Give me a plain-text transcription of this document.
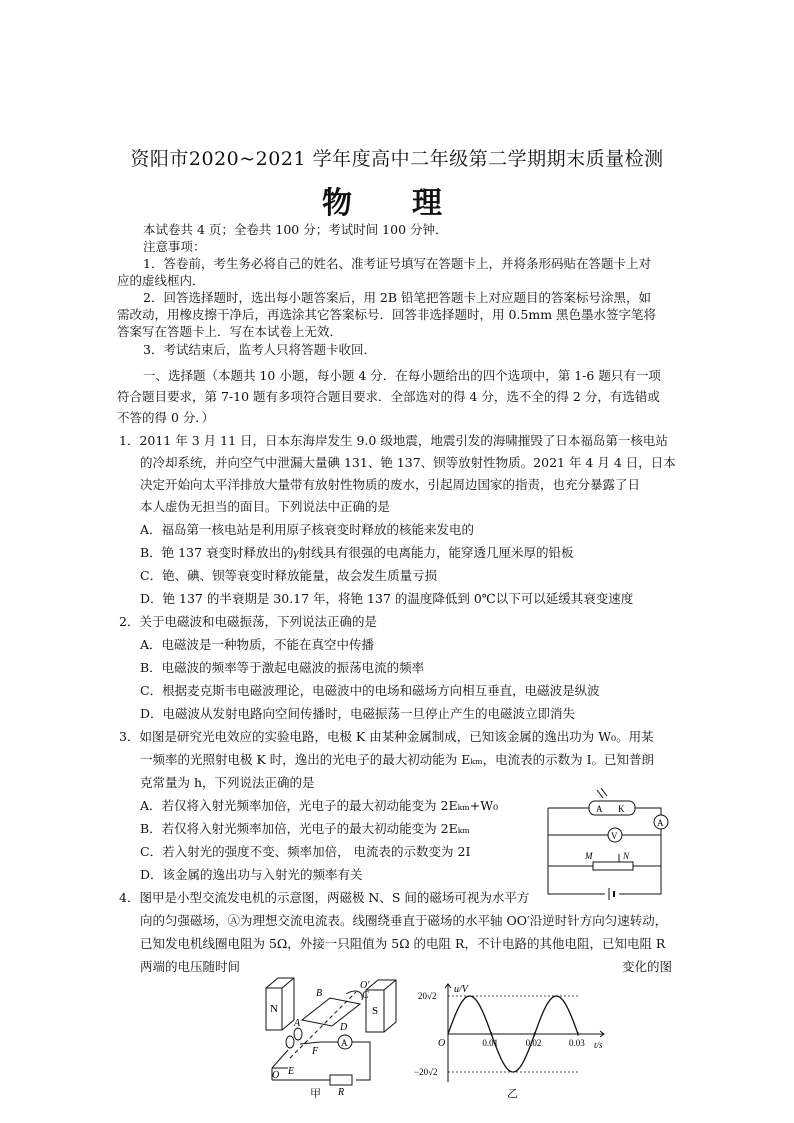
资阳市2020~2021 学年度高中二年级第二学期期末质量检测
物理
本试卷共 4 页；全卷共 100 分；考试时间 100 分钟．
注意事项：
1．答卷前，考生务必将自己的姓名、准考证号填写在答题卡上，并将条形码贴在答题卡上对
应的虚线框内．
2．回答选择题时，选出每小题答案后，用 2B 铅笔把答题卡上对应题目的答案标号涂黑，如
需改动，用橡皮擦干净后，再选涂其它答案标号．回答非选择题时，用 0.5mm 黑色墨水签字笔将
答案写在答题卡上．写在本试卷上无效．
3．考试结束后，监考人只将答题卡收回．
一、选择题（本题共 10 小题，每小题 4 分．在每小题给出的四个选项中，第 1-6 题只有一项
符合题目要求，第 7-10 题有多项符合题目要求．全部选对的得 4 分，选不全的得 2 分，有选错或
不答的得 0 分．）
1．2011 年 3 月 11 日，日本东海岸发生 9.0 级地震，地震引发的海啸摧毁了日本福岛第一核电站
的冷却系统，并向空气中泄漏大量碘 131、铯 137、钡等放射性物质。2021 年 4 月 4 日，日本
决定开始向太平洋排放大量带有放射性物质的废水，引起周边国家的指责，也充分暴露了日
本人虚伪无担当的面目。下列说法中正确的是
A．福岛第一核电站是利用原子核衰变时释放的核能来发电的
B．铯 137 衰变时释放出的γ射线具有很强的电离能力，能穿透几厘米厚的铅板
C．铯、碘、钡等衰变时释放能量，故会发生质量亏损
D．铯 137 的半衰期是 30.17 年，将铯 137 的温度降低到 0℃以下可以延缓其衰变速度
2．关于电磁波和电磁振荡，下列说法正确的是
A．电磁波是一种物质，不能在真空中传播
B．电磁波的频率等于激起电磁波的振荡电流的频率
C．根据麦克斯韦电磁波理论，电磁波中的电场和磁场方向相互垂直，电磁波是纵波
D．电磁波从发射电路向空间传播时，电磁振荡一旦停止产生的电磁波立即消失
3．如图是研究光电效应的实验电路，电极 K 由某种金属制成，已知该金属的逸出功为 W₀。用某
一频率的光照射电极 K 时，逸出的光电子的最大初动能为 Eₖₘ，电流表的示数为 I。已知普朗
克常量为 h，下列说法正确的是
A．若仅将入射光频率加倍，光电子的最大初动能变为 2Eₖₘ+W₀
B．若仅将入射光频率加倍，光电子的最大初动能变为 2Eₖₘ
C．若入射光的强度不变、频率加倍， 电流表的示数变为 2I
D．该金属的逸出功与入射光的频率有关
A K
A
V
M	N
4．图甲是小型交流发电机的示意图，两磁极 N、S 间的磁场可视为水平方
向的匀强磁场，Ⓐ为理想交流电流表。线圈绕垂直于磁场的水平轴 OO′沿逆时针方向匀速转动，
已知发电机线圈电阻为 5Ω，外接一只阻值为 5Ω 的电阻 R，不计电路的其他电阻，已知电阻 R
两端的电压随时间	变化的图
N	S
O′
B	C
A	D
F
O E
R
A
甲
u/V
t/s
O
20√2
−20√2
0.01	0.02	0.03
乙
